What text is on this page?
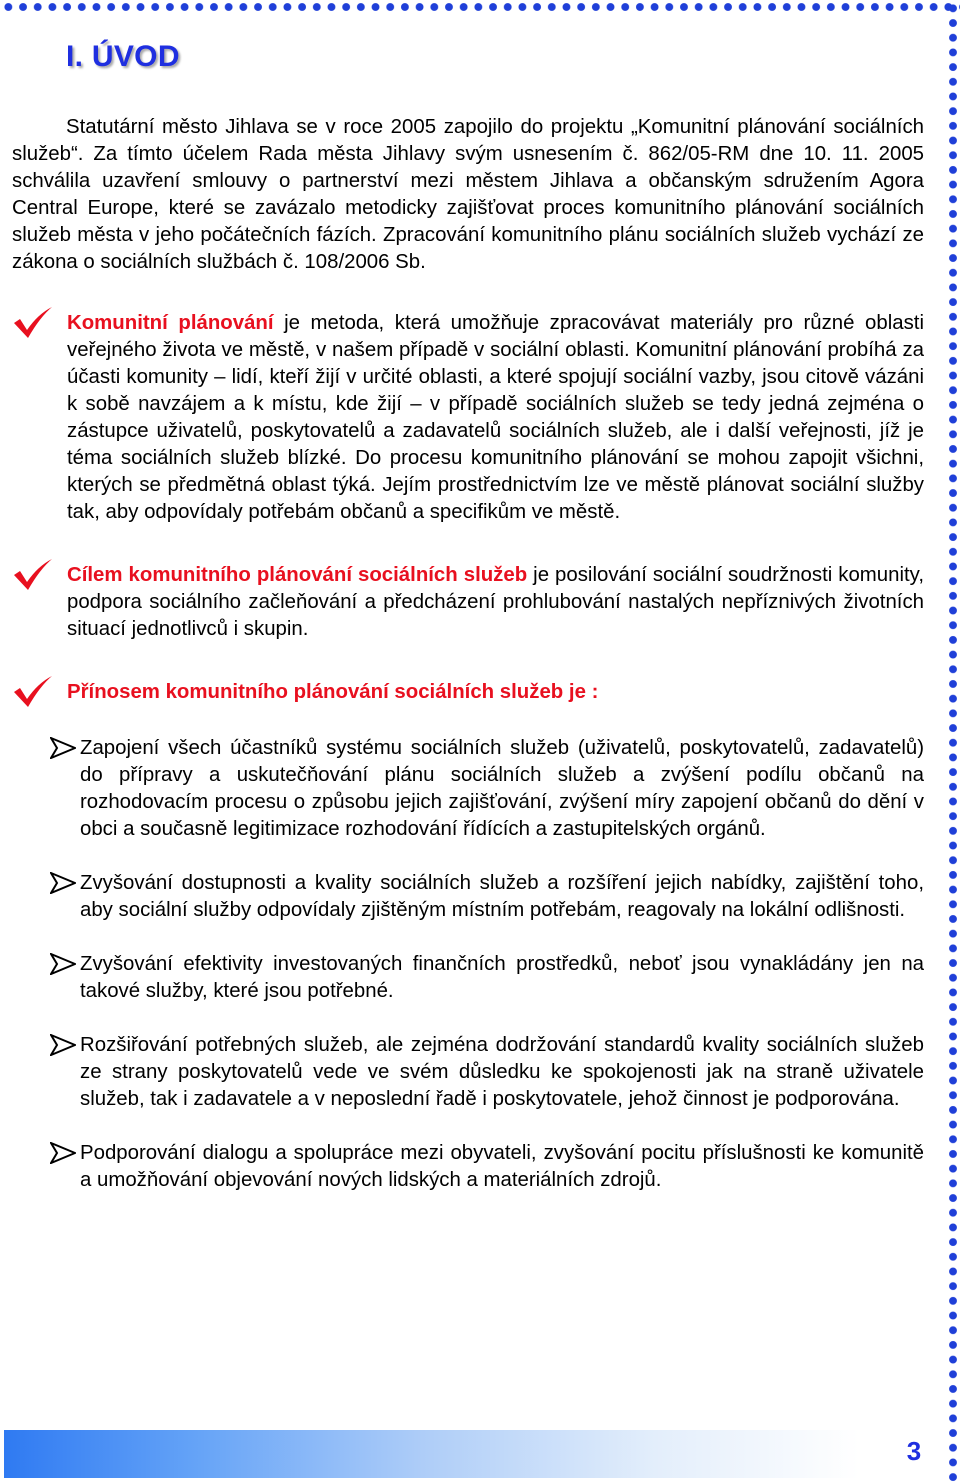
I. ÚVOD

Statutární město Jihlava se v roce 2005 zapojilo do projektu „Komunitní plánování sociálních služeb“. Za tímto účelem Rada města Jihlavy svým usnesením č. 862/05-RM dne 10. 11. 2005 schválila uzavření smlouvy o partnerství mezi městem Jihlava a občanským sdružením Agora Central Europe, které se zavázalo metodicky zajišťovat proces komunitního plánování sociálních služeb města v jeho počátečních fázích. Zpracování komunitního plánu sociálních služeb vychází ze zákona o sociálních službách č. 108/2006 Sb.

Komunitní plánování je metoda, která umožňuje zpracovávat materiály pro různé oblasti veřejného života ve městě, v našem případě v sociální oblasti. Komunitní plánování probíhá za účasti komunity – lidí, kteří žijí v určité oblasti, a které spojují sociální vazby, jsou citově vázáni k sobě navzájem a k místu, kde žijí – v případě sociálních služeb se tedy jedná zejména o zástupce uživatelů, poskytovatelů a zadavatelů sociálních služeb, ale i další veřejnosti, jíž je téma sociálních služeb blízké. Do procesu komunitního plánování se mohou zapojit všichni, kterých se předmětná oblast týká. Jejím prostřednictvím lze ve městě plánovat sociální služby tak, aby odpovídaly potřebám občanů a specifikům ve městě.

Cílem komunitního plánování sociálních služeb je posilování sociální soudržnosti komunity, podpora sociálního začleňování a předcházení prohlubování nastalých nepříznivých životních situací jednotlivců i skupin.

Přínosem komunitního plánování sociálních služeb je :

Zapojení všech účastníků systému sociálních služeb (uživatelů, poskytovatelů, zadavatelů) do přípravy a uskutečňování plánu sociálních služeb a zvýšení podílu občanů na rozhodovacím procesu o způsobu jejich zajišťování, zvýšení míry zapojení občanů do dění v obci a současně legitimizace rozhodování řídících a zastupitelských orgánů.

Zvyšování dostupnosti a kvality sociálních služeb a rozšíření jejich nabídky, zajištění toho, aby sociální služby odpovídaly zjištěným místním potřebám, reagovaly na lokální odlišnosti.

Zvyšování efektivity investovaných finančních prostředků, neboť jsou vynakládány jen na takové služby, které jsou potřebné.

Rozšiřování potřebných služeb, ale zejména dodržování standardů kvality sociálních služeb ze strany poskytovatelů vede ve svém důsledku ke spokojenosti jak na straně uživatele služeb, tak i zadavatele a v neposlední řadě i poskytovatele, jehož činnost je podporována.

Podporování dialogu a spolupráce mezi obyvateli, zvyšování pocitu příslušnosti ke komunitě a umožňování objevování nových lidských a materiálních zdrojů.

3
